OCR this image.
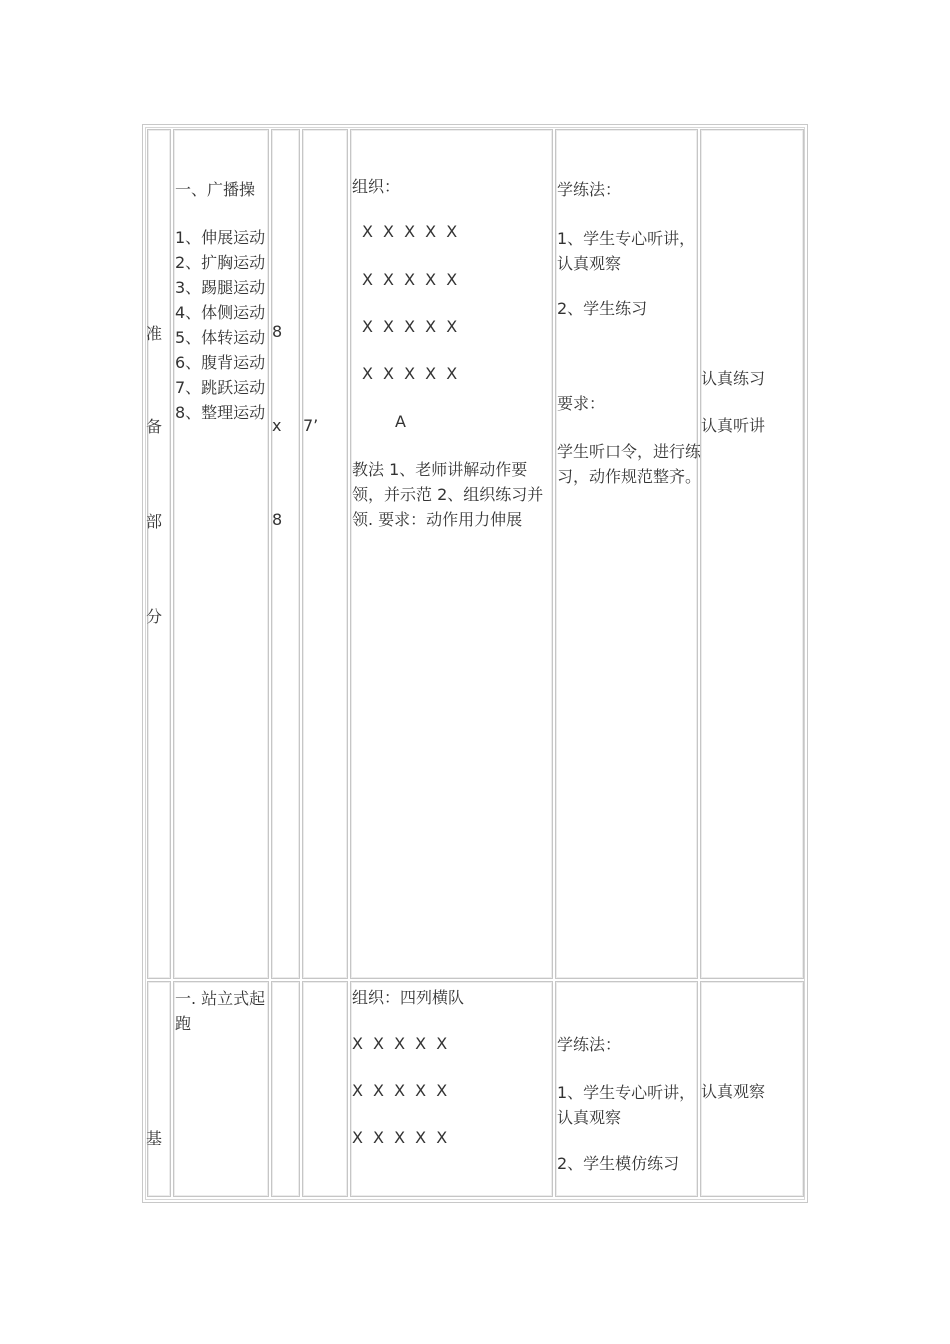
准
备
部
分
一、广播操
1、伸展运动
2、扩胸运动
3、踢腿运动
4、体侧运动
5、体转运动
6、腹背运动
7、跳跃运动
8、整理运动
8
x
8
7’
组织：
X X X X X
X X X X X
X X X X X
X X X X X
A
教法 1、老师讲解动作要领，并示范 2、组织练习并领. 要求：动作用力伸展
学练法：
1、学生专心听讲，认真观察
2、学生练习
要求：
学生听口令，进行练习，动作规范整齐。
认真练习
认真听讲
基
一. 站立式起跑
组织：四列横队
X X X X X
X X X X X
X X X X X
学练法：
1、学生专心听讲，认真观察
2、学生模仿练习
认真观察
